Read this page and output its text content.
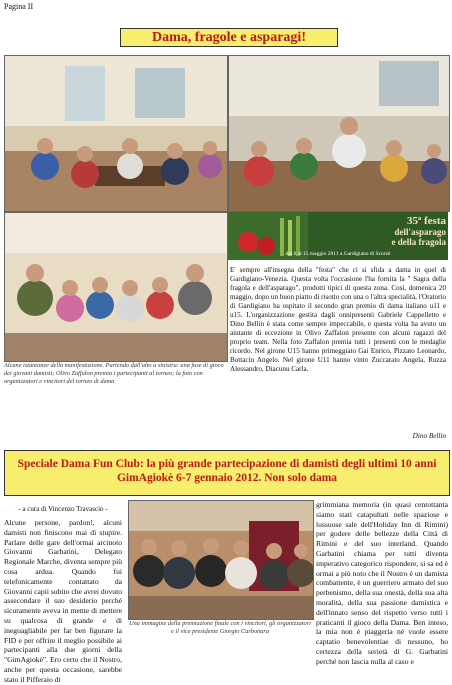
Pagina II
Dama, fragole e asparagi!
35ª festa
dell'asparago
e della fragola
dal 6 al 15 maggio 2011 a Gardigiano di Scorzè
Alcune istantanee della manifestazione. Partendo dall'alto a sinistra: una fase di gioco dei giovani damisti; Olivo Zaffalon premia i partecipanti al torneo; la foto con organizzatori e vincitori del torneo di dama

E' sempre all'insegna della "festa" che ci si sfida a dama in quel di Gardigiano-Venezia. Questa volta l'occasione l'ha fornita la " Sagra della fragola e dell'asparago", prodotti tipici di questa zona. Così, domenica 20 maggio, dopo un buon piatto di risotto con una o l'altra specialità, l'Oratorio di Gardigiano ha ospitato il secondo gran premio di dama italiano u11 e u15. L'organizzazione gestita dagli onnipresenti Gabriele Cappelletto e Dino Bellin è stata come sempre impeccabile, e questa volta ha avuto un aiutante di eccezione in Olivo Zaffalon presente con alcuni ragazzi del proprio team. Nella foto Zaffalon premia tutti i presenti con le medaglie ricordo. Nel girone U15 hanno primeggiato Gai Enrico, Pizzato Leonardo, Bottacin Angelo. Nel girone U11 hanno vinto Zuccarato Angela, Ruzza Alessandro, Diacunu Carla.

Dino Bellin
Speciale Dama Fun Club: la più grande partecipazione di damisti degli ultimi 10 anni
GimAgiokè 6-7 gennaio 2012. Non solo dama
- a cura di Vincenzo Travascio -

Alcune persone, pardon!, alcuni damisti non finiscono mai di stupire. Parlare delle gare dell'ormai arcinoto Giovanni Garbatini, Delegato Regionale Marche, diventa sempre più cosa ardua. Quando fui telefonicamente contattato da Giovanni capii subito che avrei dovuto assecondare il suo desiderio perché sicuramente aveva in mente di mettere su qualcosa di grande e di ineguagliabile per far ben figurare la FID e per offrire il meglio possibile ai partecipanti alla due giorni della "GimAgiokè". Ero certo che il Nostro, anche per questa occasione, sarebbe stato il Pifferaio di

Una immagine della premiazione finale con i vincitori, gli organizzatori e il vice presidente Giorgio Carbonara

grimmiana memoria (in quasi centottanta siamo stati catapultati nelle spaziose e lussuose sale dell'Holiday Inn di Rimini) per godere delle bellezze della Città di Rimini e del suo interland. Quando Garbatini chiama per tutti diventa imperativo categorico rispondere, si sa ed è ormai a più noto che il Nostro è un damista combattente, è un guerriero armato del suo perbenismo, della sua onestà, della sua alta moralità, della sua passione damistica e dell'innato senso del rispetto verso tutti i praticanti il gioco della Dama. Ben inteso, la mia non è piaggeria né vuole essere captatio benevolentiae di nessuno, ho certezza della serietà di G. Garbatini perché non lascia nulla al caso e
